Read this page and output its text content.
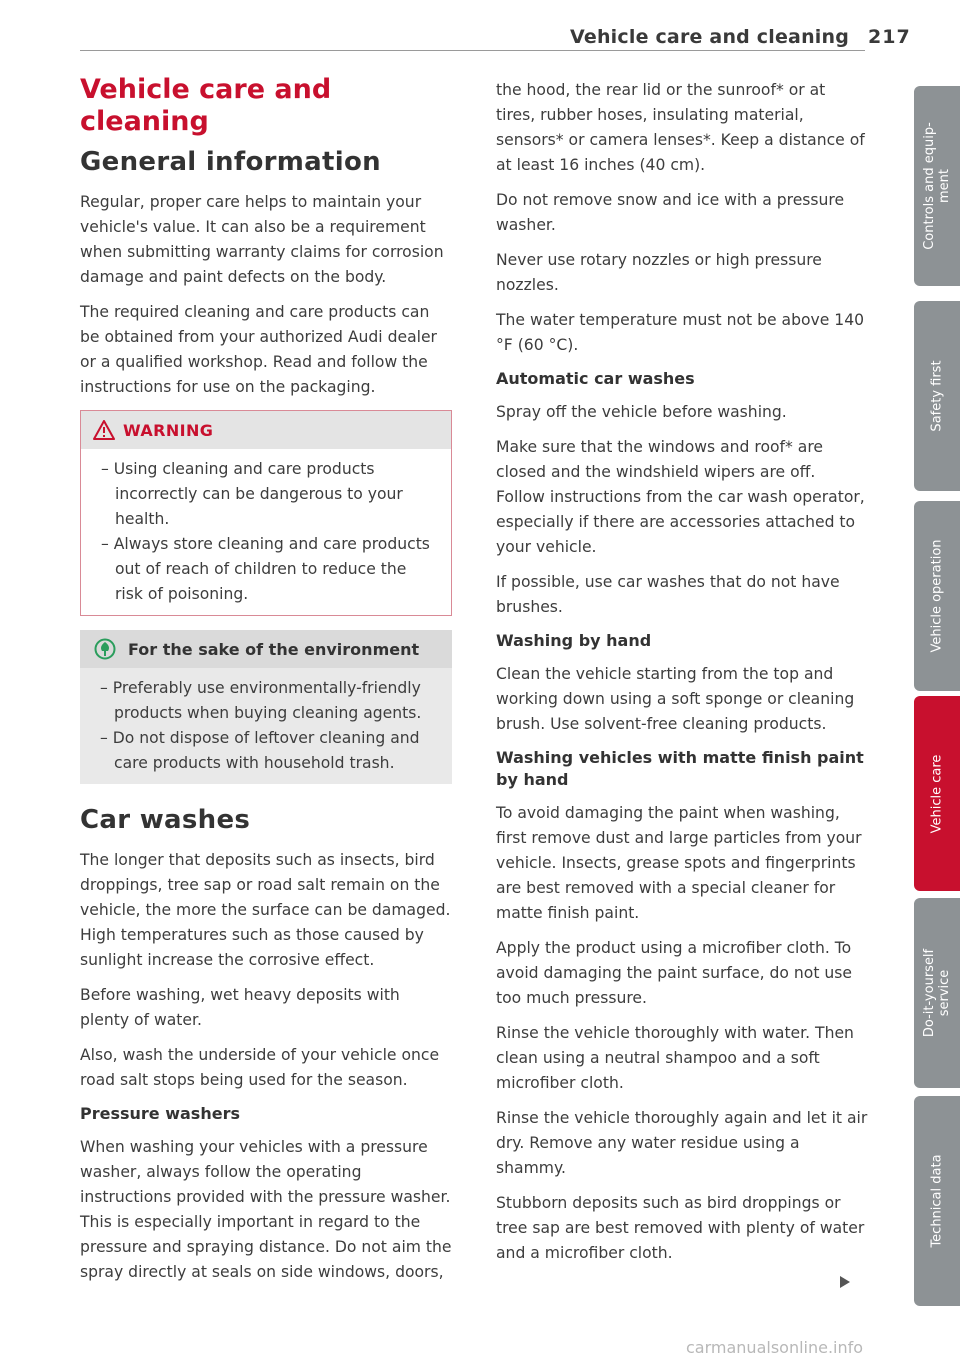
Vehicle care and cleaning 217
Vehicle care and cleaning
General information

Regular, proper care helps to maintain your vehicle's value. It can also be a requirement when submitting warranty claims for corrosion damage and paint defects on the body.

The required cleaning and care products can be obtained from your authorized Audi dealer or a qualified workshop. Read and follow the instructions for use on the packaging.

WARNING
– Using cleaning and care products incorrectly can be dangerous to your health.
– Always store cleaning and care products out of reach of children to reduce the risk of poisoning.
For the sake of the environment
– Preferably use environmentally-friendly products when buying cleaning agents.
– Do not dispose of leftover cleaning and care products with household trash.
Car washes

The longer that deposits such as insects, bird droppings, tree sap or road salt remain on the vehicle, the more the surface can be damaged. High temperatures such as those caused by sunlight increase the corrosive effect.

Before washing, wet heavy deposits with plenty of water.

Also, wash the underside of your vehicle once road salt stops being used for the season.

Pressure washers

When washing your vehicles with a pressure washer, always follow the operating instructions provided with the pressure washer. This is especially important in regard to the pressure and spraying distance. Do not aim the spray directly at seals on side windows, doors,

the hood, the rear lid or the sunroof* or at tires, rubber hoses, insulating material, sensors* or camera lenses*. Keep a distance of at least 16 inches (40 cm).

Do not remove snow and ice with a pressure washer.

Never use rotary nozzles or high pressure nozzles.

The water temperature must not be above 140 °F (60 °C).

Automatic car washes

Spray off the vehicle before washing.

Make sure that the windows and roof* are closed and the windshield wipers are off. Follow instructions from the car wash operator, especially if there are accessories attached to your vehicle.

If possible, use car washes that do not have brushes.

Washing by hand

Clean the vehicle starting from the top and working down using a soft sponge or cleaning brush. Use solvent-free cleaning products.

Washing vehicles with matte finish paint by hand

To avoid damaging the paint when washing, first remove dust and large particles from your vehicle. Insects, grease spots and fingerprints are best removed with a special cleaner for matte finish paint.

Apply the product using a microfiber cloth. To avoid damaging the paint surface, do not use too much pressure.

Rinse the vehicle thoroughly with water. Then clean using a neutral shampoo and a soft microfiber cloth.

Rinse the vehicle thoroughly again and let it air dry. Remove any water residue using a shammy.

Stubborn deposits such as bird droppings or tree sap are best removed with plenty of water and a microfiber cloth.

Controls and equip-
ment
Safety first
Vehicle operation
Vehicle care
Do-it-yourself
service
Technical data
carmanualsonline.info
